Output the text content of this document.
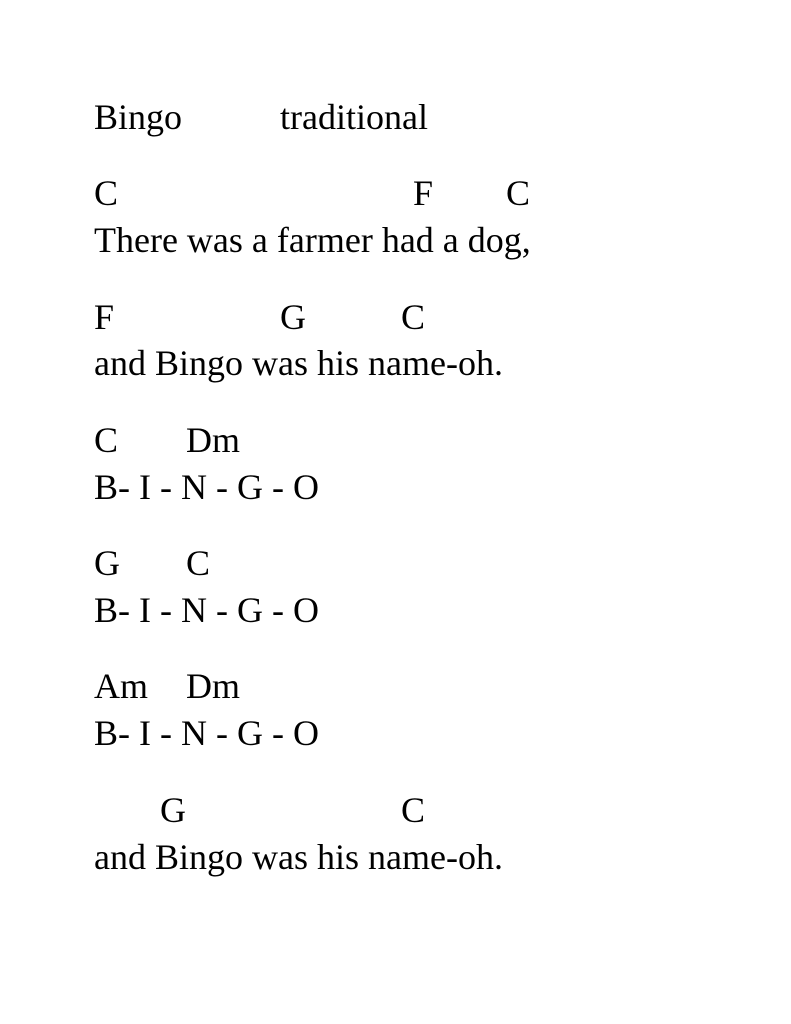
Bingo	traditional
C	F C
There was a farmer had a dog,
F	G	C
and Bingo was his name-oh.
C Dm
B- I - N - G - O
G C
B- I - N - G - O
Am Dm
B- I - N - G - O
G	C
and Bingo was his name-oh.
